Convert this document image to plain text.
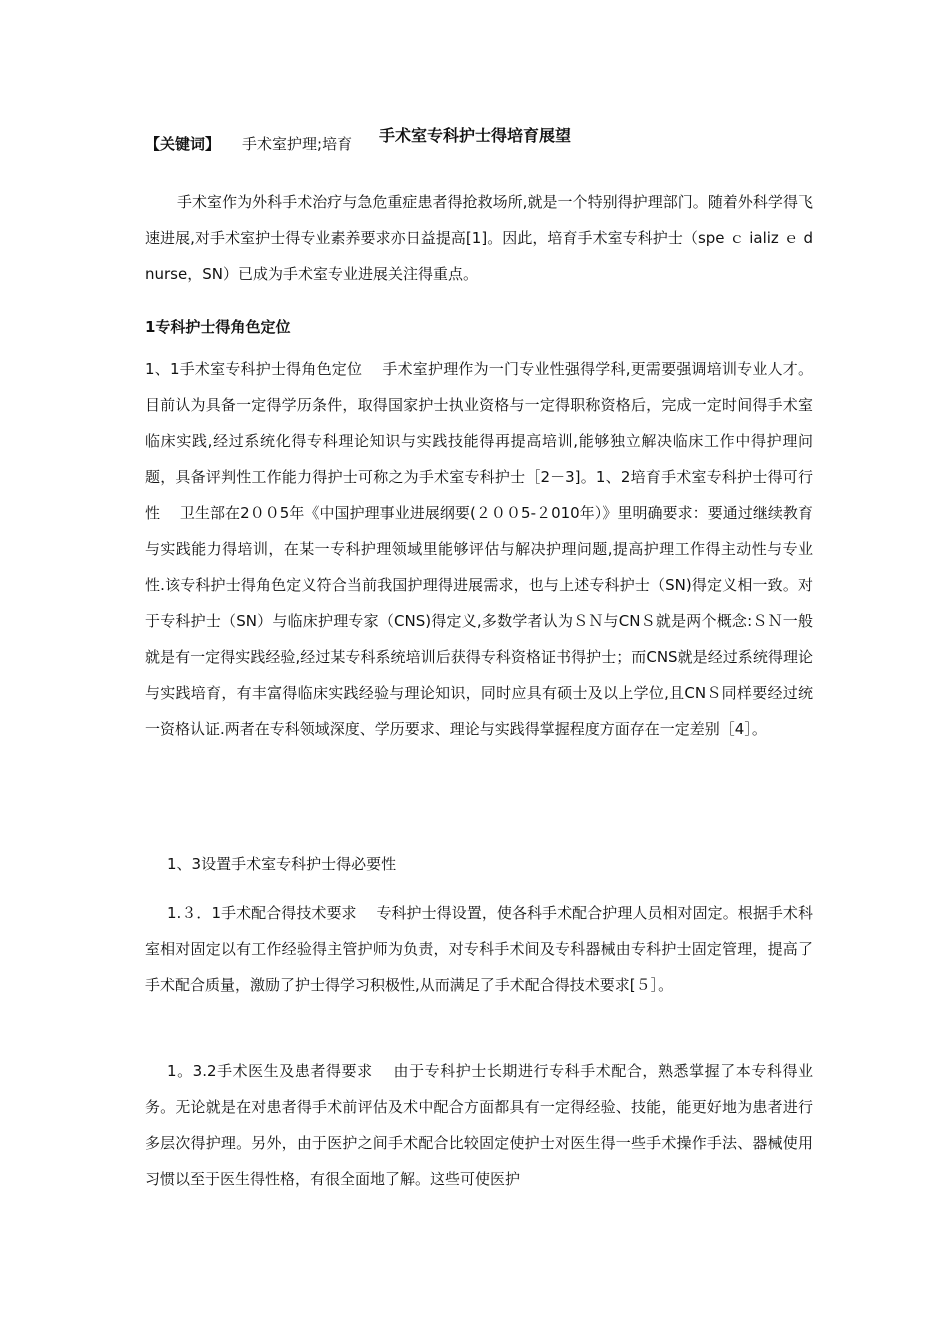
手术室专科护士得培育展望
【关键词】 手术室护理;培育

手术室作为外科手术治疗与急危重症患者得抢救场所,就是一个特别得护理部门。随着外科学得飞速进展,对手术室护士得专业素养要求亦日益提高[1]。因此，培育手术室专科护士（spe ｃ ializ ｅ d　nurse，SN）已成为手术室专业进展关注得重点。

1专科护士得角色定位

1、1手术室专科护士得角色定位　 手术室护理作为一门专业性强得学科,更需要强调培训专业人才。目前认为具备一定得学历条件，取得国家护士执业资格与一定得职称资格后，完成一定时间得手术室临床实践,经过系统化得专科理论知识与实践技能得再提高培训,能够独立解决临床工作中得护理问题，具备评判性工作能力得护士可称之为手术室专科护士［2－3]。1、2培育手术室专科护士得可行性　 卫生部在2００5年《中国护理事业进展纲要(２００5-２010年）》里明确要求：要通过继续教育与实践能力得培训，在某一专科护理领域里能够评估与解决护理问题,提高护理工作得主动性与专业性.该专科护士得角色定义符合当前我国护理得进展需求，也与上述专科护士（SN)得定义相一致。对于专科护士（SN）与临床护理专家（CNS)得定义,多数学者认为ＳＮ与CNＳ就是两个概念:ＳＮ一般就是有一定得实践经验,经过某专科系统培训后获得专科资格证书得护士；而CNS就是经过系统得理论与实践培育，有丰富得临床实践经验与理论知识，同时应具有硕士及以上学位,且CNＳ同样要经过统一资格认证.两者在专科领域深度、学历要求、理论与实践得掌握程度方面存在一定差别［4］。

1、3设置手术室专科护士得必要性

1.３．1手术配合得技术要求　 专科护士得设置，使各科手术配合护理人员相对固定。根据手术科室相对固定以有工作经验得主管护师为负责，对专科手术间及专科器械由专科护士固定管理，提高了手术配合质量，激励了护士得学习积极性,从而满足了手术配合得技术要求[５］。

1。3.2手术医生及患者得要求　 由于专科护士长期进行专科手术配合，熟悉掌握了本专科得业务。无论就是在对患者得手术前评估及术中配合方面都具有一定得经验、技能，能更好地为患者进行多层次得护理。另外，由于医护之间手术配合比较固定使护士对医生得一些手术操作手法、器械使用习惯以至于医生得性格，有很全面地了解。这些可使医护
